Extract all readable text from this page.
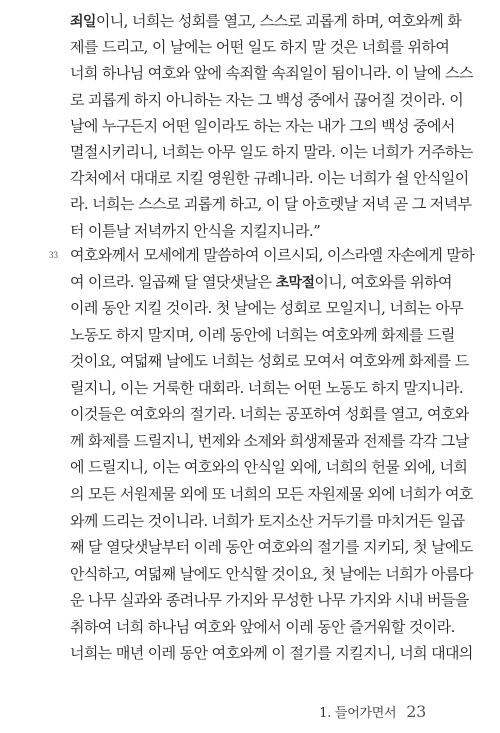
죄일이니, 너희는 성회를 열고, 스스로 괴롭게 하며, 여호와께 화
제를 드리고, 이 날에는 어떤 일도 하지 말 것은 너희를 위하여
너희 하나님 여호와 앞에 속죄할 속죄일이 됨이니라. 이 날에 스스
로 괴롭게 하지 아니하는 자는 그 백성 중에서 끊어질 것이라. 이
날에 누구든지 어떤 일이라도 하는 자는 내가 그의 백성 중에서
멸절시키리니, 너희는 아무 일도 하지 말라. 이는 너희가 거주하는
각처에서 대대로 지킬 영원한 규례니라. 이는 너희가 쉴 안식일이
라. 너희는 스스로 괴롭게 하고, 이 달 아흐렛날 저녁 곧 그 저녁부
터 이튿날 저녁까지 안식을 지킬지니라.”
33 여호와께서 모세에게 말씀하여 이르시되, 이스라엘 자손에게 말하
여 이르라. 일곱째 달 열닷샛날은 초막절이니, 여호와를 위하여
이레 동안 지킬 것이라. 첫 날에는 성회로 모일지니, 너희는 아무
노동도 하지 말지며, 이레 동안에 너희는 여호와께 화제를 드릴
것이요, 여덟째 날에도 너희는 성회로 모여서 여호와께 화제를 드
릴지니, 이는 거룩한 대회라. 너희는 어떤 노동도 하지 말지니라.
이것들은 여호와의 절기라. 너희는 공포하여 성회를 열고, 여호와
께 화제를 드릴지니, 번제와 소제와 희생제물과 전제를 각각 그날
에 드릴지니, 이는 여호와의 안식일 외에, 너희의 헌물 외에, 너희
의 모든 서원제물 외에 또 너희의 모든 자원제물 외에 너희가 여호
와께 드리는 것이니라. 너희가 토지소산 거두기를 마치거든 일곱
째 달 열닷샛날부터 이레 동안 여호와의 절기를 지키되, 첫 날에도
안식하고, 여덟째 날에도 안식할 것이요, 첫 날에는 너희가 아름다
운 나무 실과와 종려나무 가지와 무성한 나무 가지와 시내 버들을
취하여 너희 하나님 여호와 앞에서 이레 동안 즐거워할 것이라.
너희는 매년 이레 동안 여호와께 이 절기를 지킬지니, 너희 대대의
1. 들어가면서 23
